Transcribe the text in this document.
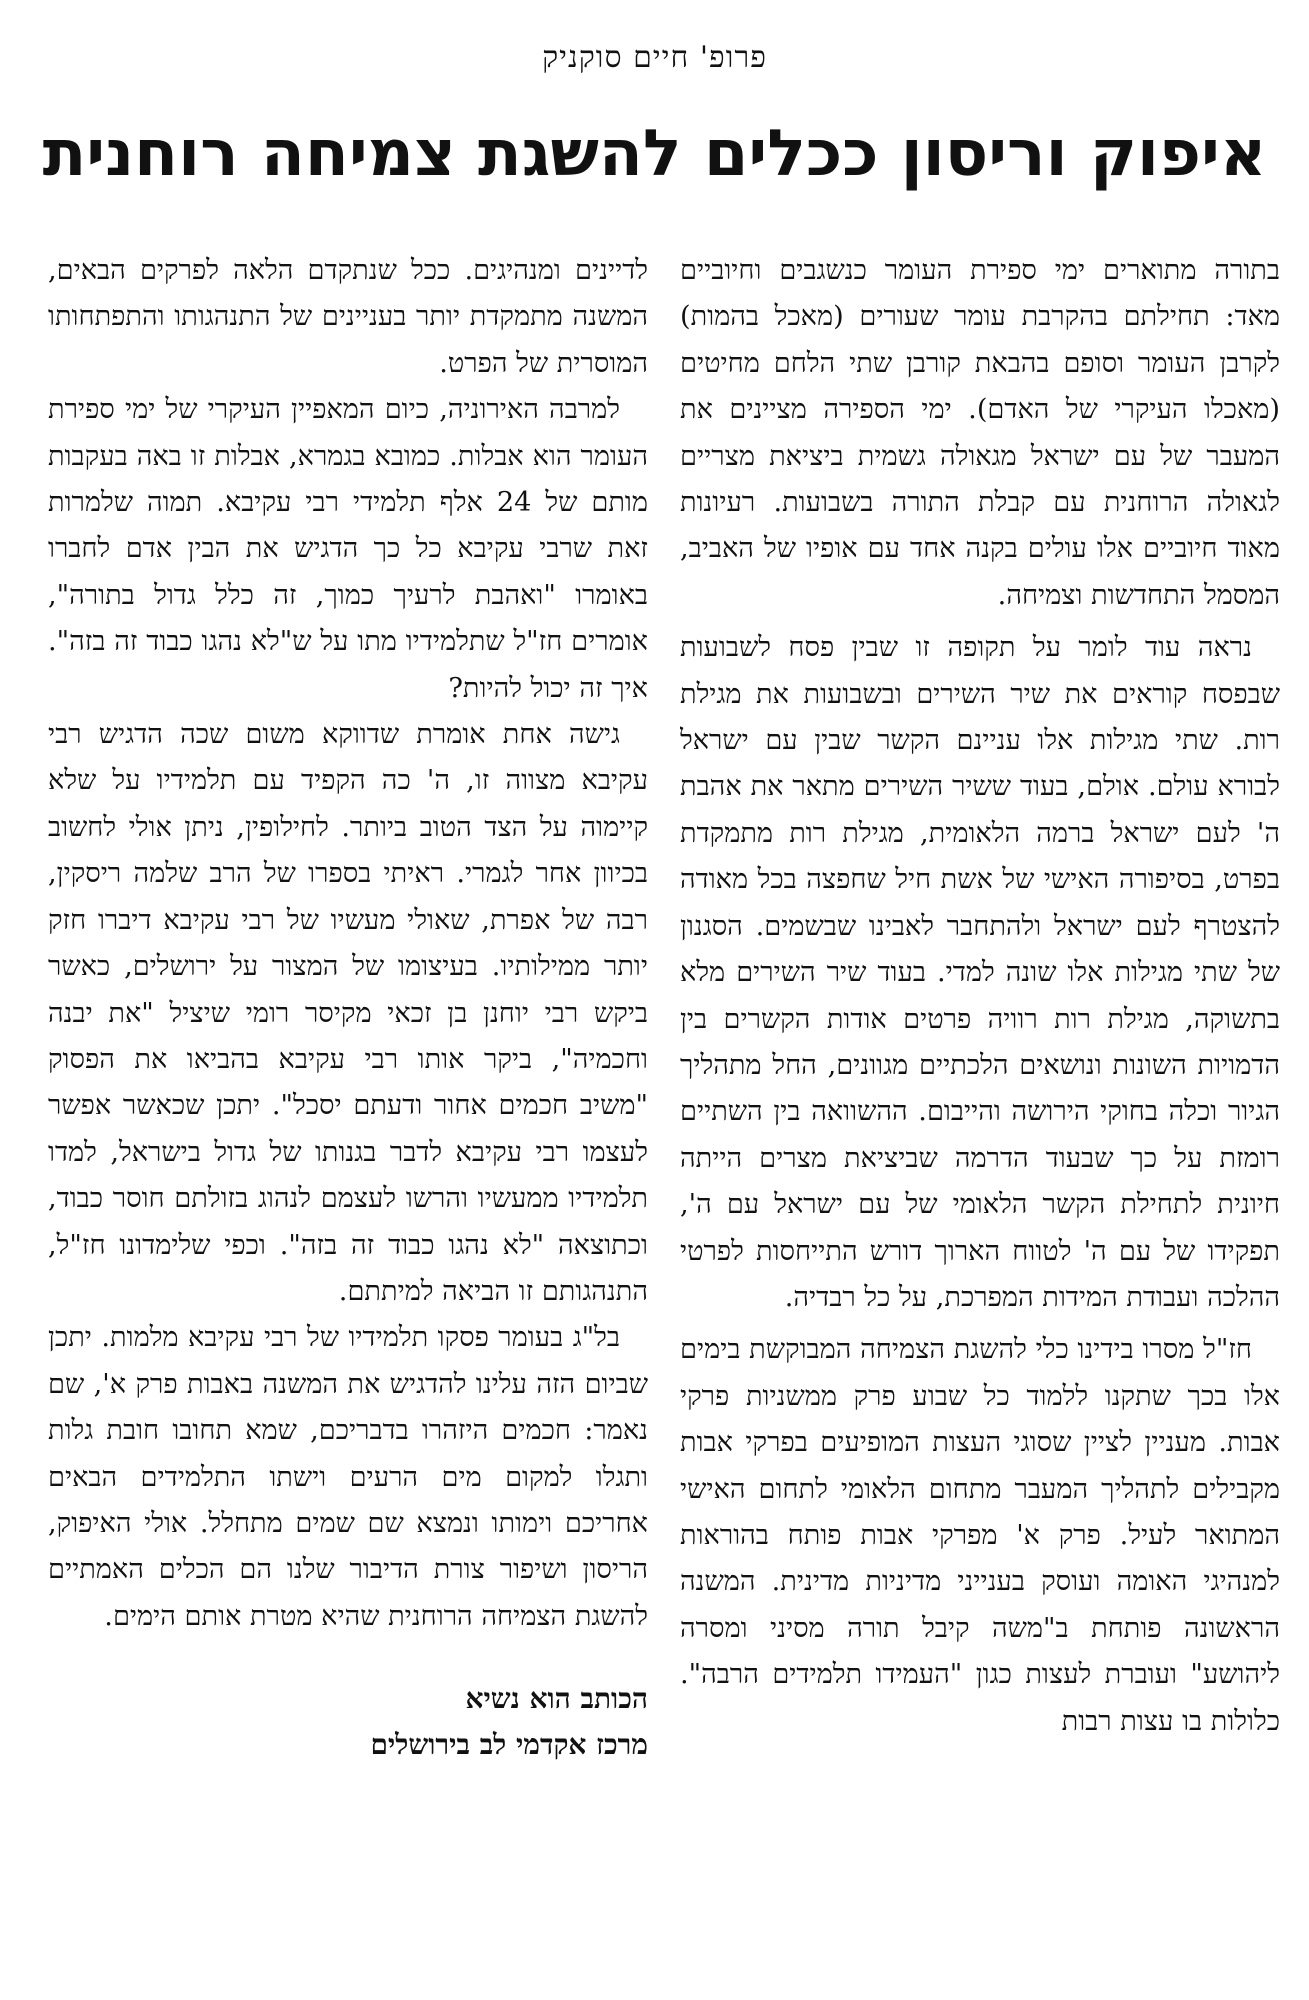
פרופ' חיים סוקניק
איפוק וריסון ככלים להשגת צמיחה רוחנית

בתורה מתוארים ימי ספירת העומר כנשגבים וחיוביים מאד: תחילתם בהקרבת עומר שעורים (מאכל בהמות) לקרבן העומר וסופם בהבאת קורבן שתי הלחם מחיטים (מאכלו העיקרי של האדם). ימי הספירה מציינים את המעבר של עם ישראל מגאולה גשמית ביציאת מצריים לגאולה הרוחנית עם קבלת התורה בשבועות. רעיונות מאוד חיוביים אלו עולים בקנה אחד עם אופיו של האביב, המסמל התחדשות וצמיחה.

נראה עוד לומר על תקופה זו שבין פסח לשבועות שבפסח קוראים את שיר השירים ובשבועות את מגילת רות. שתי מגילות אלו עניינם הקשר שבין עם ישראל לבורא עולם. אולם, בעוד ששיר השירים מתאר את אהבת ה' לעם ישראל ברמה הלאומית, מגילת רות מתמקדת בפרט, בסיפורה האישי של אשת חיל שחפצה בכל מאודה להצטרף לעם ישראל ולהתחבר לאבינו שבשמים. הסגנון של שתי מגילות אלו שונה למדי. בעוד שיר השירים מלא בתשוקה, מגילת רות רוויה פרטים אודות הקשרים בין הדמויות השונות ונושאים הלכתיים מגוונים, החל מתהליך הגיור וכלה בחוקי הירושה והייבום. ההשוואה בין השתיים רומזת על כך שבעוד הדרמה שביציאת מצרים הייתה חיונית לתחילת הקשר הלאומי של עם ישראל עם ה', תפקידו של עם ה' לטווח הארוך דורש התייחסות לפרטי ההלכה ועבודת המידות המפרכת, על כל רבדיה.

חז"ל מסרו בידינו כלי להשגת הצמיחה המבוקשת בימים אלו בכך שתקנו ללמוד כל שבוע פרק ממשניות פרקי אבות. מעניין לציין שסוגי העצות המופיעים בפרקי אבות מקבילים לתהליך המעבר מתחום הלאומי לתחום האישי המתואר לעיל. פרק א' מפרקי אבות פותח בהוראות למנהיגי האומה ועוסק בענייני מדיניות מדינית. המשנה הראשונה פותחת ב"משה קיבל תורה מסיני ומסרה ליהושע" ועוברת לעצות כגון "העמידו תלמידים הרבה". כלולות בו עצות רבות

לדיינים ומנהיגים. ככל שנתקדם הלאה לפרקים הבאים, המשנה מתמקדת יותר בעניינים של התנהגותו והתפתחותו המוסרית של הפרט.

למרבה האירוניה, כיום המאפיין העיקרי של ימי ספירת העומר הוא אבלות. כמובא בגמרא, אבלות זו באה בעקבות מותם של 24 אלף תלמידי רבי עקיבא. תמוה שלמרות זאת שרבי עקיבא כל כך הדגיש את הבין אדם לחברו באומרו "ואהבת לרעיך כמוך, זה כלל גדול בתורה", אומרים חז"ל שתלמידיו מתו על ש"לא נהגו כבוד זה בזה". איך זה יכול להיות?

גישה אחת אומרת שדווקא משום שכה הדגיש רבי עקיבא מצווה זו, ה' כה הקפיד עם תלמידיו על שלא קיימוה על הצד הטוב ביותר. לחילופין, ניתן אולי לחשוב בכיוון אחר לגמרי. ראיתי בספרו של הרב שלמה ריסקין, רבה של אפרת, שאולי מעשיו של רבי עקיבא דיברו חזק יותר ממילותיו. בעיצומו של המצור על ירושלים, כאשר ביקש רבי יוחנן בן זכאי מקיסר רומי שיציל "את יבנה וחכמיה", ביקר אותו רבי עקיבא בהביאו את הפסוק "משיב חכמים אחור ודעתם יסכל". יתכן שכאשר אפשר לעצמו רבי עקיבא לדבר בגנותו של גדול בישראל, למדו תלמידיו ממעשיו והרשו לעצמם לנהוג בזולתם חוסר כבוד, וכתוצאה "לא נהגו כבוד זה בזה". וכפי שלימדונו חז"ל, התנהגותם זו הביאה למיתתם.

בל"ג בעומר פסקו תלמידיו של רבי עקיבא מלמות. יתכן שביום הזה עלינו להדגיש את המשנה באבות פרק א', שם נאמר: חכמים היזהרו בדבריכם, שמא תחובו חובת גלות ותגלו למקום מים הרעים וישתו התלמידים הבאים אחריכם וימותו ונמצא שם שמים מתחלל. אולי האיפוק, הריסון ושיפור צורת הדיבור שלנו הם הכלים האמתיים להשגת הצמיחה הרוחנית שהיא מטרת אותם הימים.

הכותב הוא נשיא
מרכז אקדמי לב בירושלים
